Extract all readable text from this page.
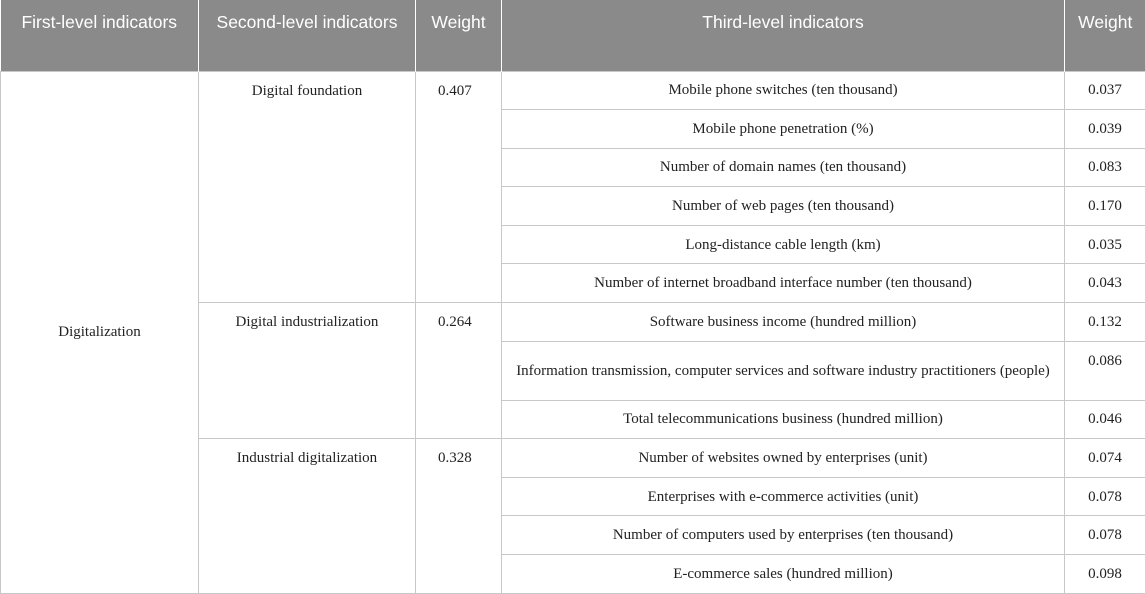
First-level indicators	Second-level indicators	Weight	Third-level indicators	Weight
Digitalization	Digital foundation	0.407	Mobile phone switches (ten thousand)	0.037
			Mobile phone penetration (%)	0.039
			Number of domain names (ten thousand)	0.083
			Number of web pages (ten thousand)	0.170
			Long-distance cable length (km)	0.035
			Number of internet broadband interface number (ten thousand)	0.043
	Digital industrialization	0.264	Software business income (hundred million)	0.132
			Information transmission, computer services and software industry practitioners (people)	0.086
			Total telecommunications business (hundred million)	0.046
	Industrial digitalization	0.328	Number of websites owned by enterprises (unit)	0.074
			Enterprises with e-commerce activities (unit)	0.078
			Number of computers used by enterprises (ten thousand)	0.078
			E-commerce sales (hundred million)	0.098
